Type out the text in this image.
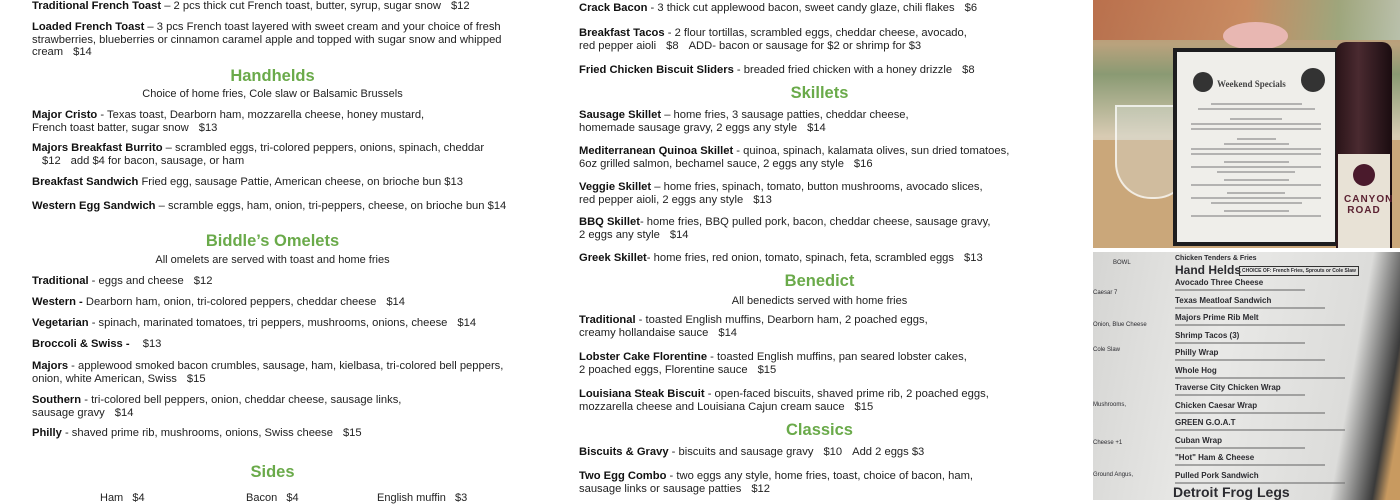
Traditional French Toast – 2 pcs thick cut French toast, butter, syrup, sugar snow $12
Loaded French Toast – 3 pcs French toast layered with sweet cream and your choice of fresh
strawberries, blueberries or cinnamon caramel apple and topped with sugar snow and whipped
cream $14
Handhelds
Choice of home fries, Cole slaw or Balsamic Brussels
Major Cristo - Texas toast, Dearborn ham, mozzarella cheese, honey mustard,
French toast batter, sugar snow $13
Majors Breakfast Burrito – scrambled eggs, tri-colored peppers, onions, spinach, cheddar
$12 add $4 for bacon, sausage, or ham
Breakfast Sandwich Fried egg, sausage Pattie, American cheese, on brioche bun $13
Western Egg Sandwich – scramble eggs, ham, onion, tri-peppers, cheese, on brioche bun $14
Biddle’s Omelets
All omelets are served with toast and home fries
Traditional - eggs and cheese $12
Western - Dearborn ham, onion, tri-colored peppers, cheddar cheese $14
Vegetarian - spinach, marinated tomatoes, tri peppers, mushrooms, onions, cheese $14
Broccoli & Swiss - $13
Majors - applewood smoked bacon crumbles, sausage, ham, kielbasa, tri-colored bell peppers,
onion, white American, Swiss $15
Southern - tri-colored bell peppers, onion, cheddar cheese, sausage links,
sausage gravy $14
Philly - shaved prime rib, mushrooms, onions, Swiss cheese $15
Sides
Ham   $4	Bacon   $4	English muffin   $3
Crack Bacon - 3 thick cut applewood bacon, sweet candy glaze, chili flakes $6
Breakfast Tacos - 2 flour tortillas, scrambled eggs, cheddar cheese, avocado,
red pepper aioli $8 ADD- bacon or sausage for $2 or shrimp for $3
Fried Chicken Biscuit Sliders - breaded fried chicken with a honey drizzle $8
Skillets
Sausage Skillet – home fries, 3 sausage patties, cheddar cheese,
homemade sausage gravy, 2 eggs any style $14
Mediterranean Quinoa Skillet - quinoa, spinach, kalamata olives, sun dried tomatoes,
6oz grilled salmon, bechamel sauce, 2 eggs any style $16
Veggie Skillet – home fries, spinach, tomato, button mushrooms, avocado slices,
red pepper aioli, 2 eggs any style $13
BBQ Skillet- home fries, BBQ pulled pork, bacon, cheddar cheese, sausage gravy,
2 eggs any style $14
Greek Skillet- home fries, red onion, tomato, spinach, feta, scrambled eggs $13
Benedict
All benedicts served with home fries
Traditional - toasted English muffins, Dearborn ham, 2 poached eggs,
creamy hollandaise sauce $14
Lobster Cake Florentine - toasted English muffins, pan seared lobster cakes,
2 poached eggs, Florentine sauce $15
Louisiana Steak Biscuit - open-faced biscuits, shaved prime rib, 2 poached eggs,
mozzarella cheese and Louisiana Cajun cream sauce $15
Classics
Biscuits & Gravy - biscuits and sausage gravy $10 Add 2 eggs $3
Two Egg Combo - two eggs any style, home fries, toast, choice of bacon, ham,
sausage links or sausage patties $12
Weekend Specials
CANYON ROAD
Chicken Tenders & Fries
Hand Helds CHOICE OF: French Fries, Sprouts or Cole Slaw
Avocado Three Cheese
Texas Meatloaf Sandwich
Majors Prime Rib Melt
Shrimp Tacos (3)
Philly Wrap
Whole Hog
Traverse City Chicken Wrap
Chicken Caesar Wrap
GREEN G.O.A.T
Cuban Wrap
"Hot" Ham & Cheese
Pulled Pork Sandwich
Detroit Frog Legs
BOWL
Caesar 7
Onion, Blue Cheese
Cole Slaw
Mushrooms,
Cheese +1
Ground Angus,
